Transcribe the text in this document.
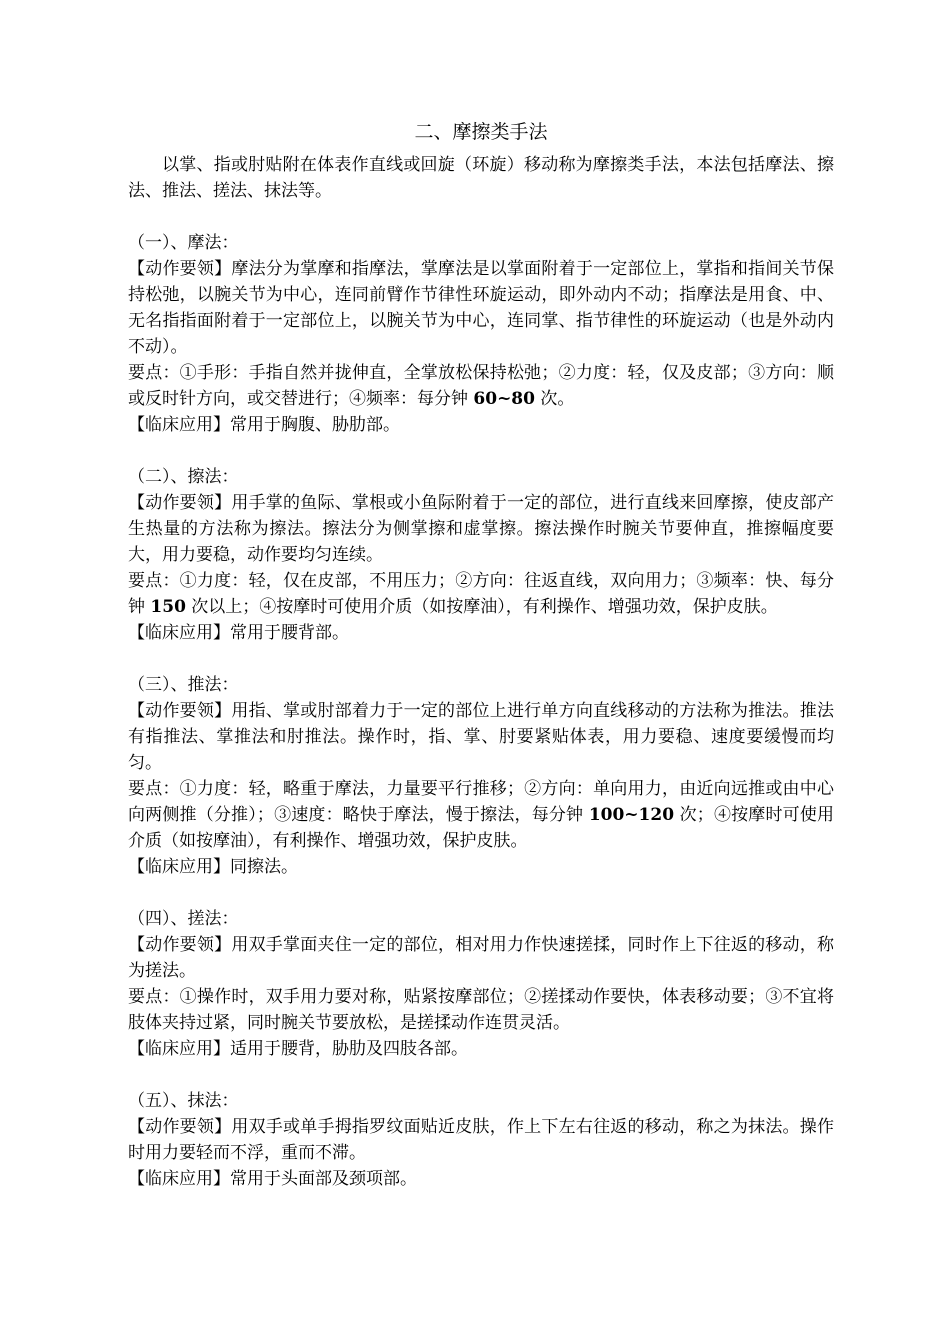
二、摩擦类手法

以掌、指或肘贴附在体表作直线或回旋（环旋）移动称为摩擦类手法，本法包括摩法、擦法、推法、搓法、抹法等。

（一）、摩法：

【动作要领】摩法分为掌摩和指摩法，掌摩法是以掌面附着于一定部位上，掌指和指间关节保持松弛，以腕关节为中心，连同前臂作节律性环旋运动，即外动内不动；指摩法是用食、中、无名指指面附着于一定部位上，以腕关节为中心，连同掌、指节律性的环旋运动（也是外动内不动）。

要点：①手形：手指自然并拢伸直，全掌放松保持松弛；②力度：轻，仅及皮部；③方向：顺或反时针方向，或交替进行；④频率：每分钟 60~80 次。

【临床应用】常用于胸腹、胁肋部。

（二）、擦法：

【动作要领】用手掌的鱼际、掌根或小鱼际附着于一定的部位，进行直线来回摩擦，使皮部产生热量的方法称为擦法。擦法分为侧掌擦和虚掌擦。擦法操作时腕关节要伸直，推擦幅度要大，用力要稳，动作要均匀连续。

要点：①力度：轻，仅在皮部，不用压力；②方向：往返直线，双向用力；③频率：快、每分钟 150 次以上；④按摩时可使用介质（如按摩油），有利操作、增强功效，保护皮肤。

【临床应用】常用于腰背部。

（三）、推法：

【动作要领】用指、掌或肘部着力于一定的部位上进行单方向直线移动的方法称为推法。推法有指推法、掌推法和肘推法。操作时，指、掌、肘要紧贴体表，用力要稳、速度要缓慢而均匀。

要点：①力度：轻，略重于摩法，力量要平行推移；②方向：单向用力，由近向远推或由中心向两侧推（分推）；③速度：略快于摩法，慢于擦法，每分钟 100~120 次；④按摩时可使用介质（如按摩油），有利操作、增强功效，保护皮肤。

【临床应用】同擦法。

（四）、搓法：

【动作要领】用双手掌面夹住一定的部位，相对用力作快速搓揉，同时作上下往返的移动，称为搓法。

要点：①操作时，双手用力要对称，贴紧按摩部位；②搓揉动作要快，体表移动要；③不宜将肢体夹持过紧，同时腕关节要放松，是搓揉动作连贯灵活。

【临床应用】适用于腰背，胁肋及四肢各部。

（五）、抹法：

【动作要领】用双手或单手拇指罗纹面贴近皮肤，作上下左右往返的移动，称之为抹法。操作时用力要轻而不浮，重而不滞。

【临床应用】常用于头面部及颈项部。
